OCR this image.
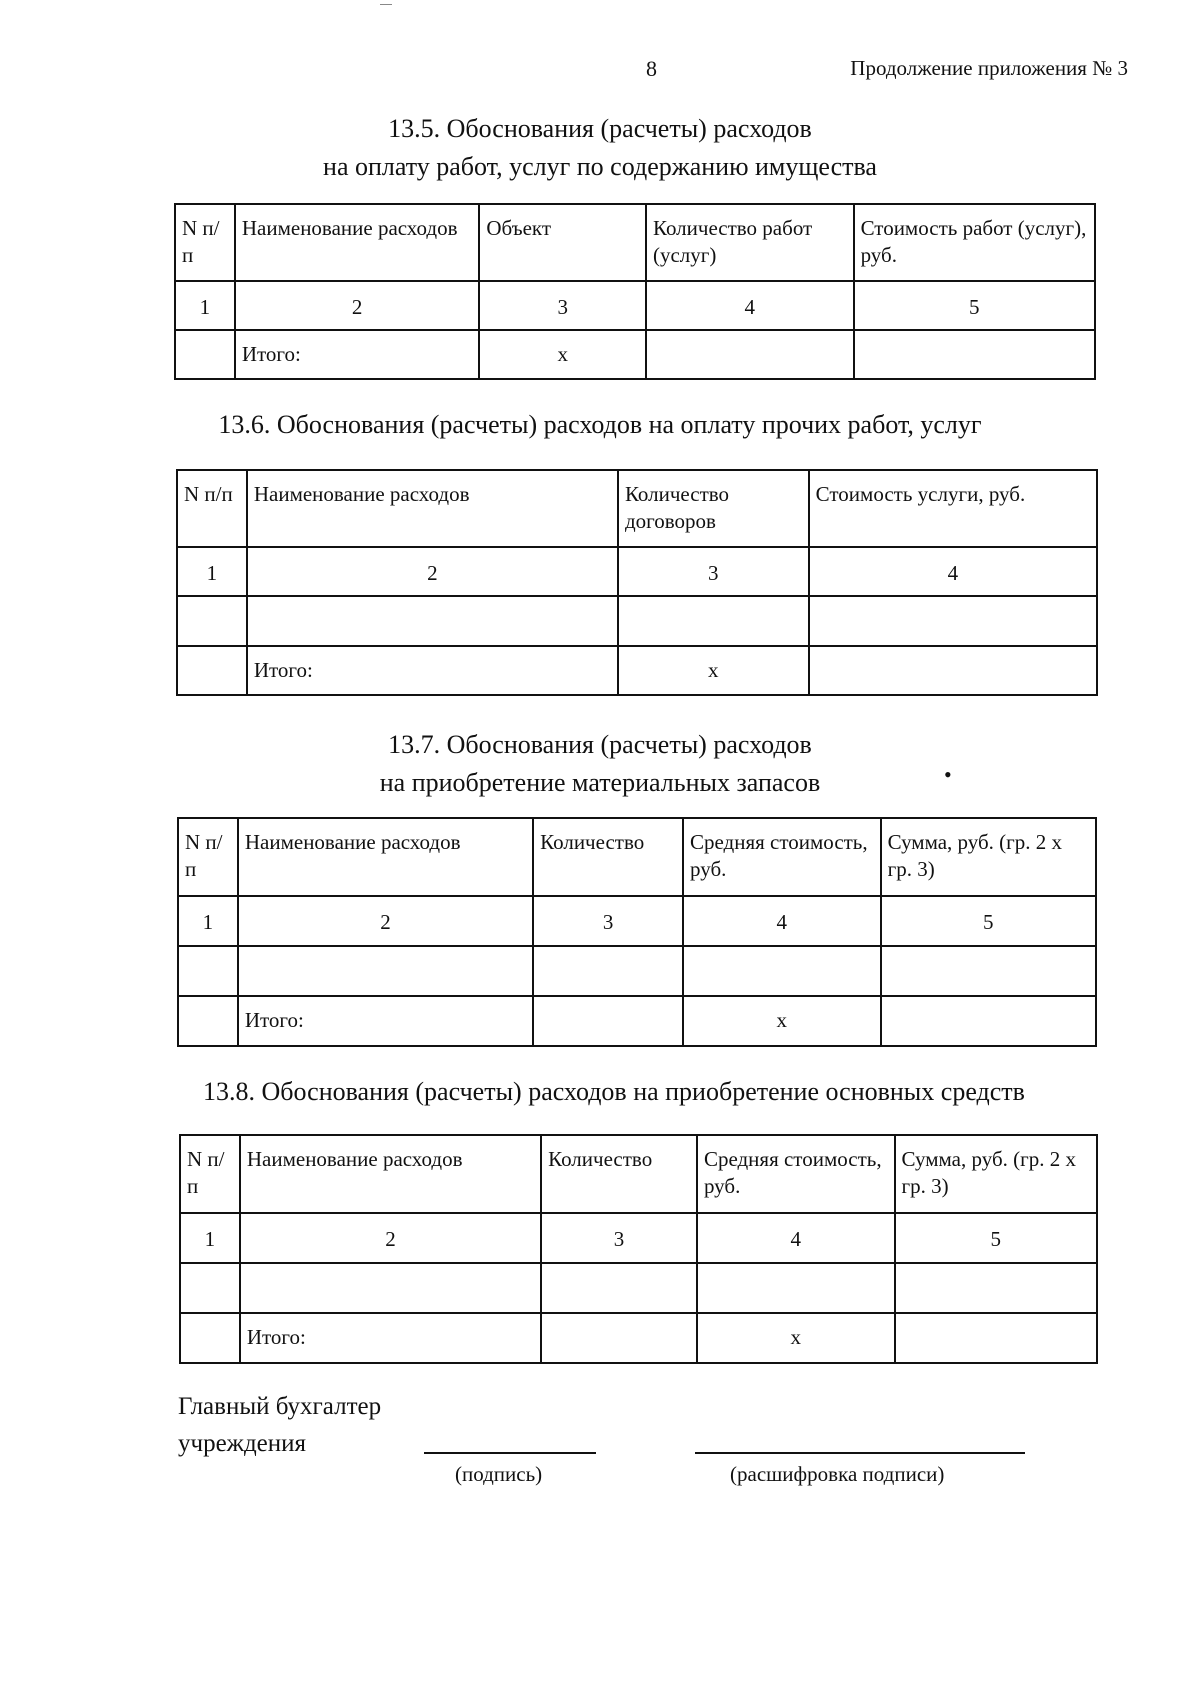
8	Продолжение приложения № 3
13.5. Обоснования (расчеты) расходов
на оплату работ, услуг по содержанию имущества
N п/п	Наименование расходов	Объект	Количество работ (услуг)	Стоимость работ (услуг), руб.
1	2	3	4	5
	Итого:	x		
13.6. Обоснования (расчеты) расходов на оплату прочих работ, услуг
N п/п	Наименование расходов	Количество договоров	Стоимость услуги, руб.
1	2	3	4

	Итого:	x	
13.7. Обоснования (расчеты) расходов
на приобретение материальных запасов	•
N п/п	Наименование расходов	Количество	Средняя стоимость, руб.	Сумма, руб. (гр. 2 x гр. 3)
1	2	3	4	5

	Итого:		x	
13.8. Обоснования (расчеты) расходов на приобретение основных средств
N п/п	Наименование расходов	Количество	Средняя стоимость, руб.	Сумма, руб. (гр. 2 x гр. 3)
1	2	3	4	5

	Итого:		x	
Главный бухгалтер
учреждения
(подпись)	(расшифровка подписи)
